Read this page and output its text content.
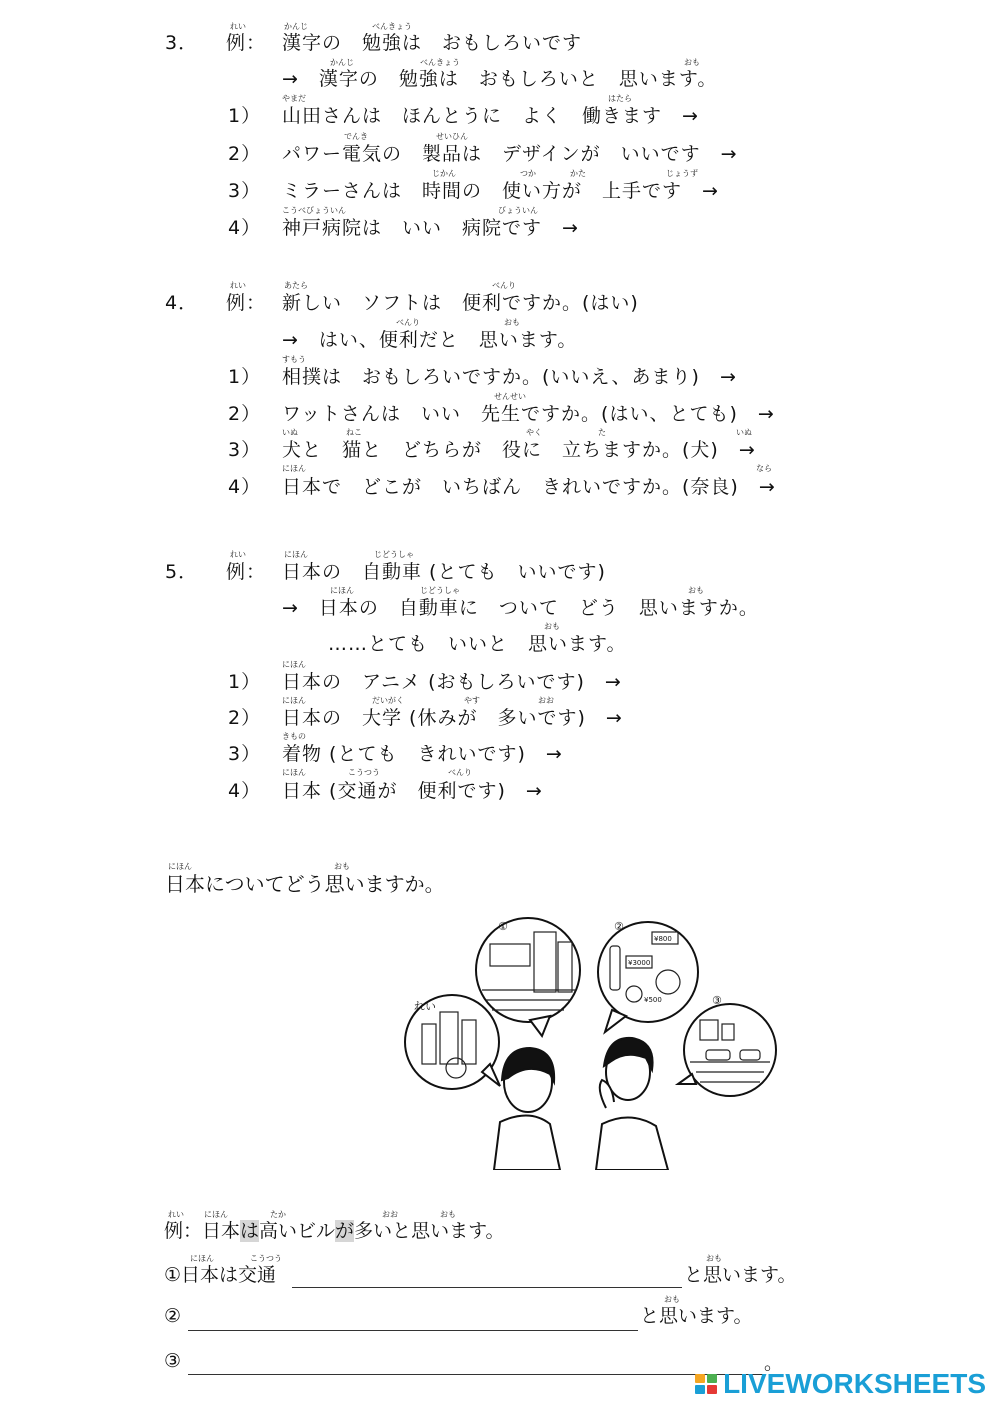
れい	かんじ	べんきょう
3． 例： 漢字の　勉強は　おもしろいです
かんじ	べんきょう	おも
→　漢字の　勉強は　おもしろいと　思います。
やまだ	はたら
1） 山田さんは　ほんとうに　よく　働きます　→
でんき	せいひん
2） パワー電気の　製品は　デザインが　いいです　→
じかん	つか	かた	じょうず
3） ミラーさんは　時間の　使い方が　上手です　→
こうべびょういん	びょういん
4） 神戸病院は　いい　病院です　→
れい	あたら	べんり
4． 例： 新しい　ソフトは　便利ですか。(はい)
べんり	おも
→　はい、便利だと　思います。
すもう
1） 相撲は　おもしろいですか。(いいえ、あまり)　→
せんせい
2） ワットさんは　いい　先生ですか。(はい、とても)　→
いぬ	ねこ	やく	た	いぬ
3） 犬と　猫と　どちらが　役に　立ちますか。(犬)　→
にほん	なら
4） 日本で　どこが　いちばん　きれいですか。(奈良)　→
れい	にほん	じどうしゃ
5． 例： 日本の　自動車 (とても　いいです)
にほん	じどうしゃ	おも
→　日本の　自動車に　ついて　どう　思いますか。
おも
……とても　いいと　思います。
にほん
1） 日本の　アニメ (おもしろいです)　→
にほん	だいがく	やす	おお
2） 日本の　大学 (休みが　多いです)　→
きもの
3） 着物 (とても　きれいです)　→
にほん	こうつう	べんり
4） 日本 (交通が　便利です)　→
にほん	おも
日本についてどう思いますか。
れい
①	②
③
¥3000
¥500
¥800
れい	にほん	たか	おお	おも
例：日本は高いビルが多いと思います。
にほん	こうつう	おも
①日本は交通	と思います。
おも
②	と思います。
③	。
LIVEWORKSHEETS
